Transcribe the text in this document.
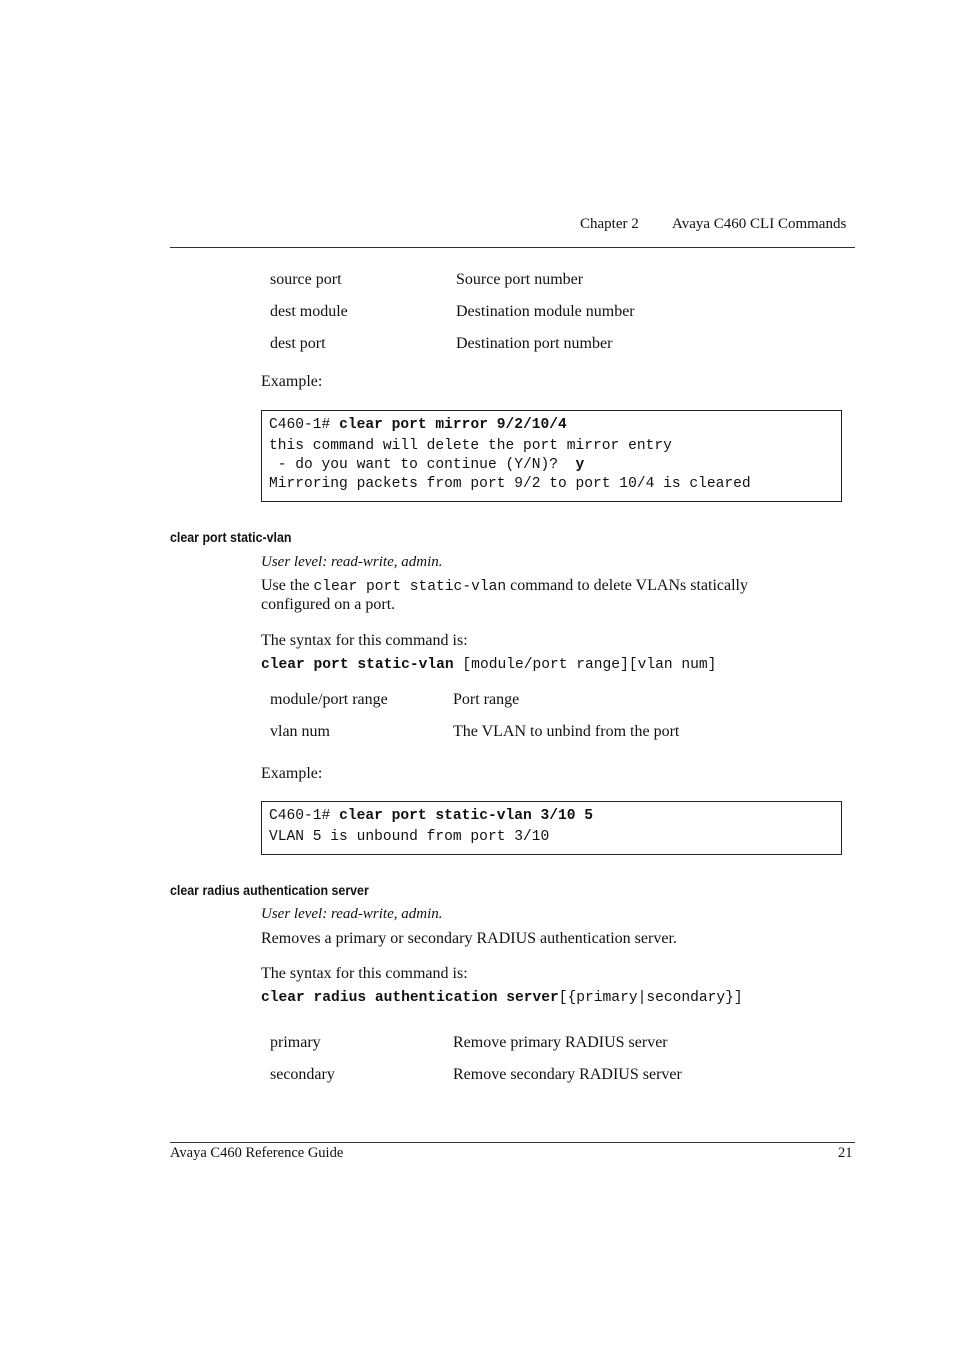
Chapter 2 Avaya C460 CLI Commands
source port	Source port number
dest module	Destination module number
dest port	Destination port number
Example:
C460-1# clear port mirror 9/2/10/4
this command will delete the port mirror entry
- do you want to continue (Y/N)?  y
Mirroring packets from port 9/2 to port 10/4 is cleared
clear port static-vlan
User level: read-write, admin.
Use the clear port static-vlan command to delete VLANs statically
configured on a port.
The syntax for this command is:
clear port static-vlan [module/port range][vlan num]
module/port range	Port range
vlan num	The VLAN to unbind from the port
Example:
C460-1# clear port static-vlan 3/10 5
VLAN 5 is unbound from port 3/10
clear radius authentication server
User level: read-write, admin.
Removes a primary or secondary RADIUS authentication server.
The syntax for this command is:
clear radius authentication server[{primary|secondary}]
primary	Remove primary RADIUS server
secondary	Remove secondary RADIUS server
Avaya C460 Reference Guide	21
